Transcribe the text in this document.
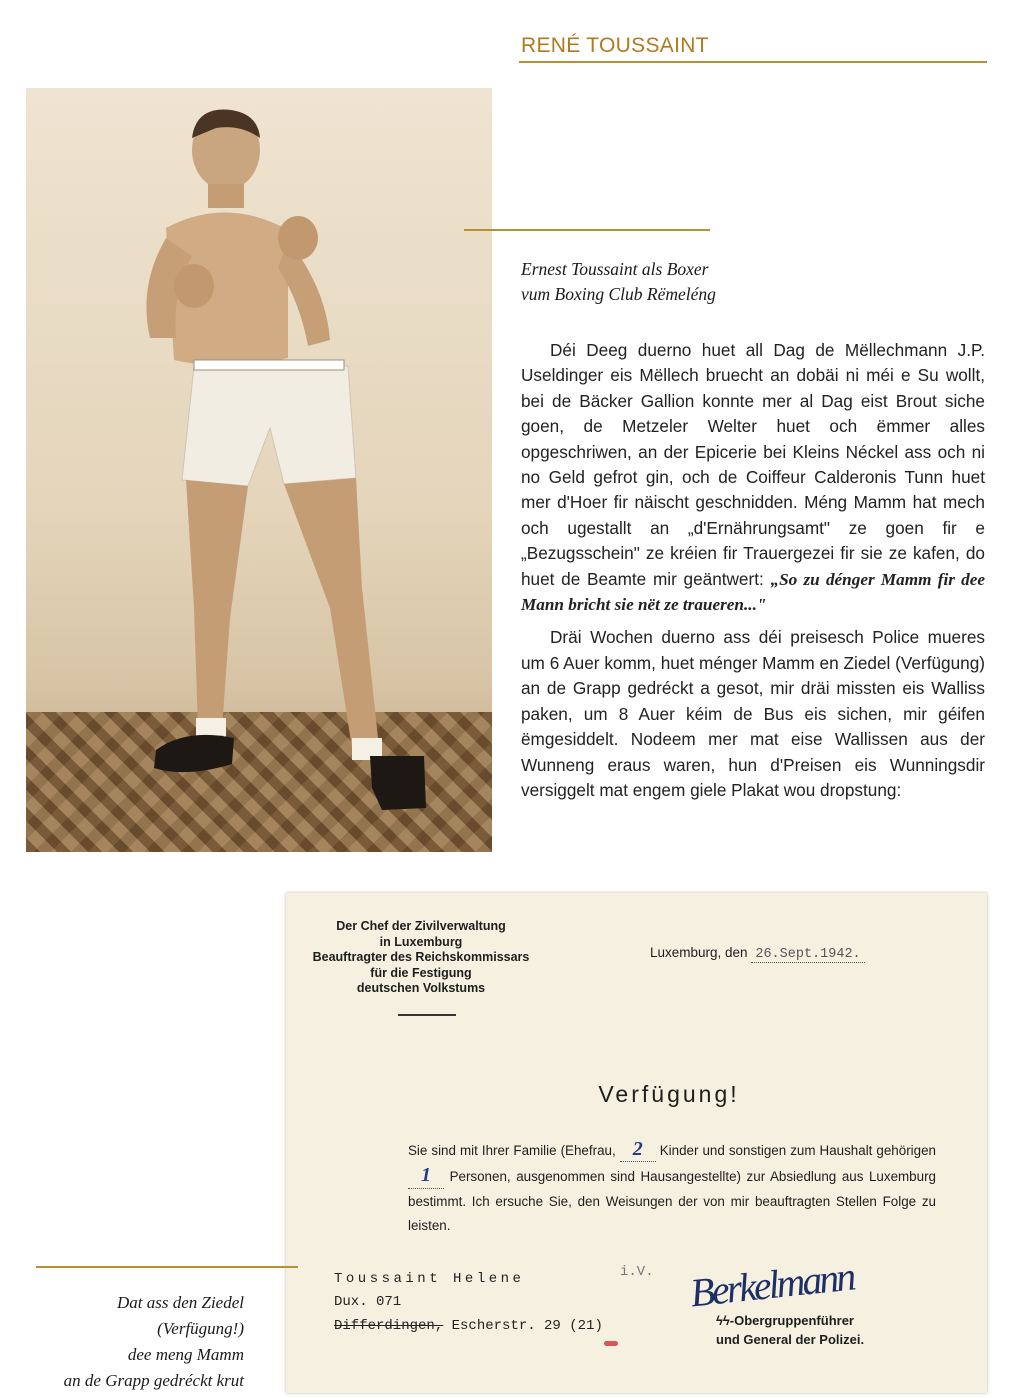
RENÉ TOUSSAINT
Ernest Toussaint als Boxer
vum Boxing Club Rëmeléng

Déi Deeg duerno huet all Dag de Mëllechmann J.P. Useldinger eis Mëllech bruecht an dobäi ni méi e Su wollt, bei de Bäcker Gallion konnte mer al Dag eist Brout siche goen, de Metzeler Welter huet och ëmmer alles opgeschriwen, an der Epicerie bei Kleins Néckel ass och ni no Geld gefrot gin, och de Coiffeur Calderonis Tunn huet mer d'Hoer fir näischt geschnidden. Méng Mamm hat mech och ugestallt an „d'Ernährungsamt" ze goen fir e „Bezugsschein" ze kréien fir Trauergezei fir sie ze kafen, do huet de Beamte mir geäntwert: „So zu dénger Mamm fir dee Mann bricht sie nët ze traueren..."

Dräi Wochen duerno ass déi preisesch Police mueres um 6 Auer komm, huet ménger Mamm en Ziedel (Verfügung) an de Grapp gedréckt a gesot, mir dräi missten eis Walliss paken, um 8 Auer kéim de Bus eis sichen, mir géifen ëmgesiddelt. Nodeem mer mat eise Wallissen aus der Wunneng eraus waren, hun d'Preisen eis Wunningsdir versiggelt mat engem giele Plakat wou dropstung:

Der Chef der Zivilverwaltung
in Luxemburg
Beauftragter des Reichskommissars
für die Festigung
deutschen Volkstums
Luxemburg, den 26.Sept.1942.
Verfügung!
Sie sind mit Ihrer Familie (Ehefrau, 2 Kinder und sonstigen zum Haushalt gehörigen 1 Personen, ausgenommen sind Hausangestellte) zur Absiedlung aus Luxemburg bestimmt. Ich ersuche Sie, den Weisungen der von mir beauftragten Stellen Folge zu leisten.
Toussaint Helene	i.V.
Dux. 071
Differdingen, Escherstr. 29 (21)
Berkelmann
ϟϟ-Obergruppenführer
und General der Polizei.
Dat ass den Ziedel
(Verfügung!)
dee meng Mamm
an de Grapp gedréckt krut
